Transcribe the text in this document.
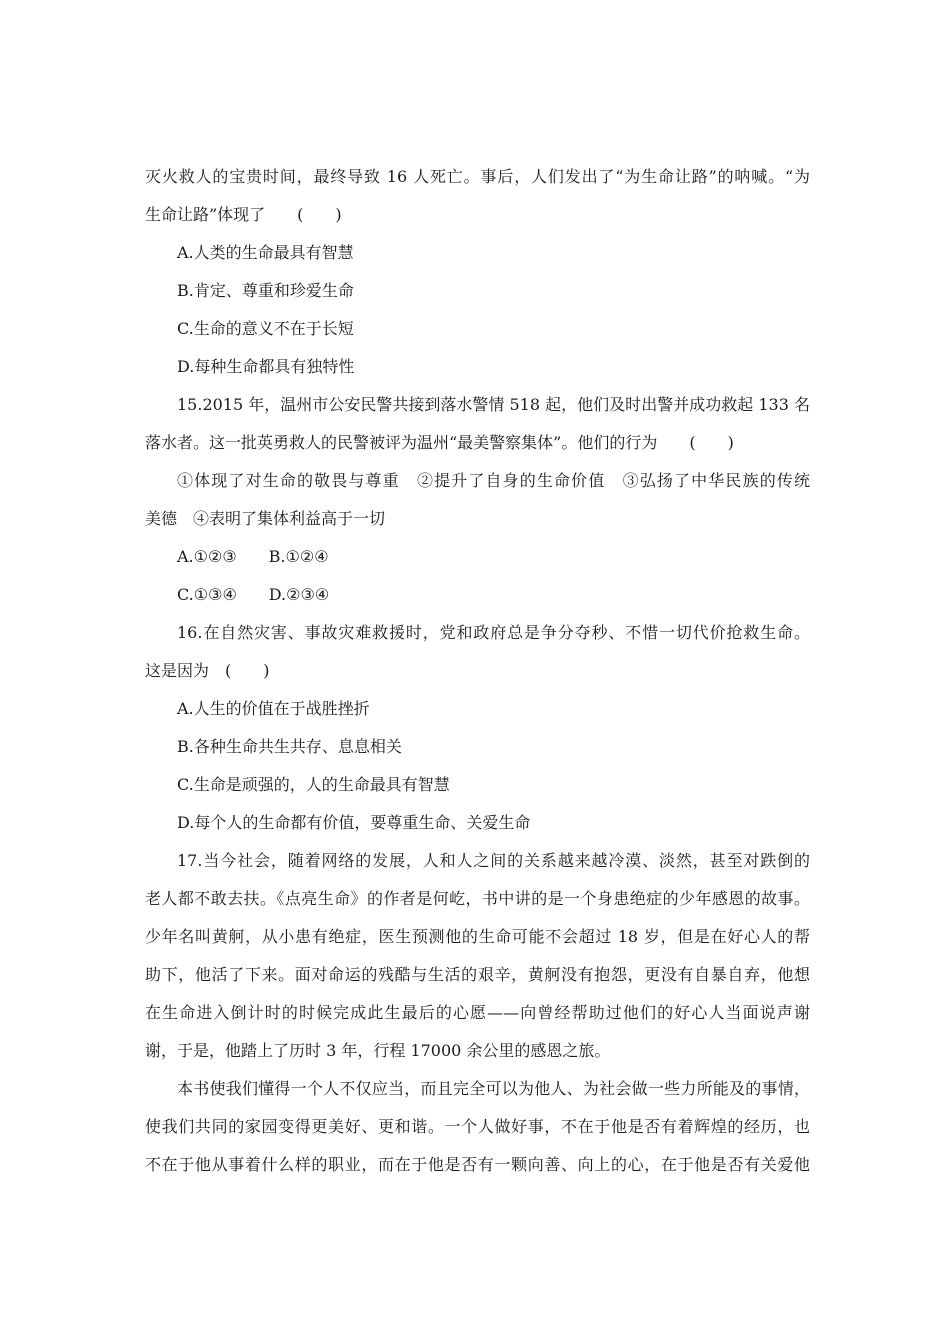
灭火救人的宝贵时间，最终导致 16 人死亡。事后，人们发出了“为生命让路”的呐喊。“为
生命让路”体现了　　(　　)
A.人类的生命最具有智慧
B.肯定、尊重和珍爱生命
C.生命的意义不在于长短
D.每种生命都具有独特性
15.2015 年，温州市公安民警共接到落水警情 518 起，他们及时出警并成功救起 133 名
落水者。这一批英勇救人的民警被评为温州“最美警察集体”。他们的行为　　(　　)
①体现了对生命的敬畏与尊重　②提升了自身的生命价值　③弘扬了中华民族的传统
美德　④表明了集体利益高于一切
A.①②③　　B.①②④
C.①③④　　D.②③④
16.在自然灾害、事故灾难救援时，党和政府总是争分夺秒、不惜一切代价抢救生命。
这是因为　(　　)
A.人生的价值在于战胜挫折
B.各种生命共生共存、息息相关
C.生命是顽强的，人的生命最具有智慧
D.每个人的生命都有价值，要尊重生命、关爱生命
17.当今社会，随着网络的发展，人和人之间的关系越来越冷漠、淡然，甚至对跌倒的
老人都不敢去扶。《点亮生命》的作者是何屹，书中讲的是一个身患绝症的少年感恩的故事。
少年名叫黄舸，从小患有绝症，医生预测他的生命可能不会超过 18 岁，但是在好心人的帮
助下，他活了下来。面对命运的残酷与生活的艰辛，黄舸没有抱怨，更没有自暴自弃，他想
在生命进入倒计时的时候完成此生最后的心愿——向曾经帮助过他们的好心人当面说声谢
谢，于是，他踏上了历时 3 年，行程 17000 余公里的感恩之旅。
本书使我们懂得一个人不仅应当，而且完全可以为他人、为社会做一些力所能及的事情，
使我们共同的家园变得更美好、更和谐。一个人做好事，不在于他是否有着辉煌的经历，也
不在于他从事着什么样的职业，而在于他是否有一颗向善、向上的心，在于他是否有关爱他
